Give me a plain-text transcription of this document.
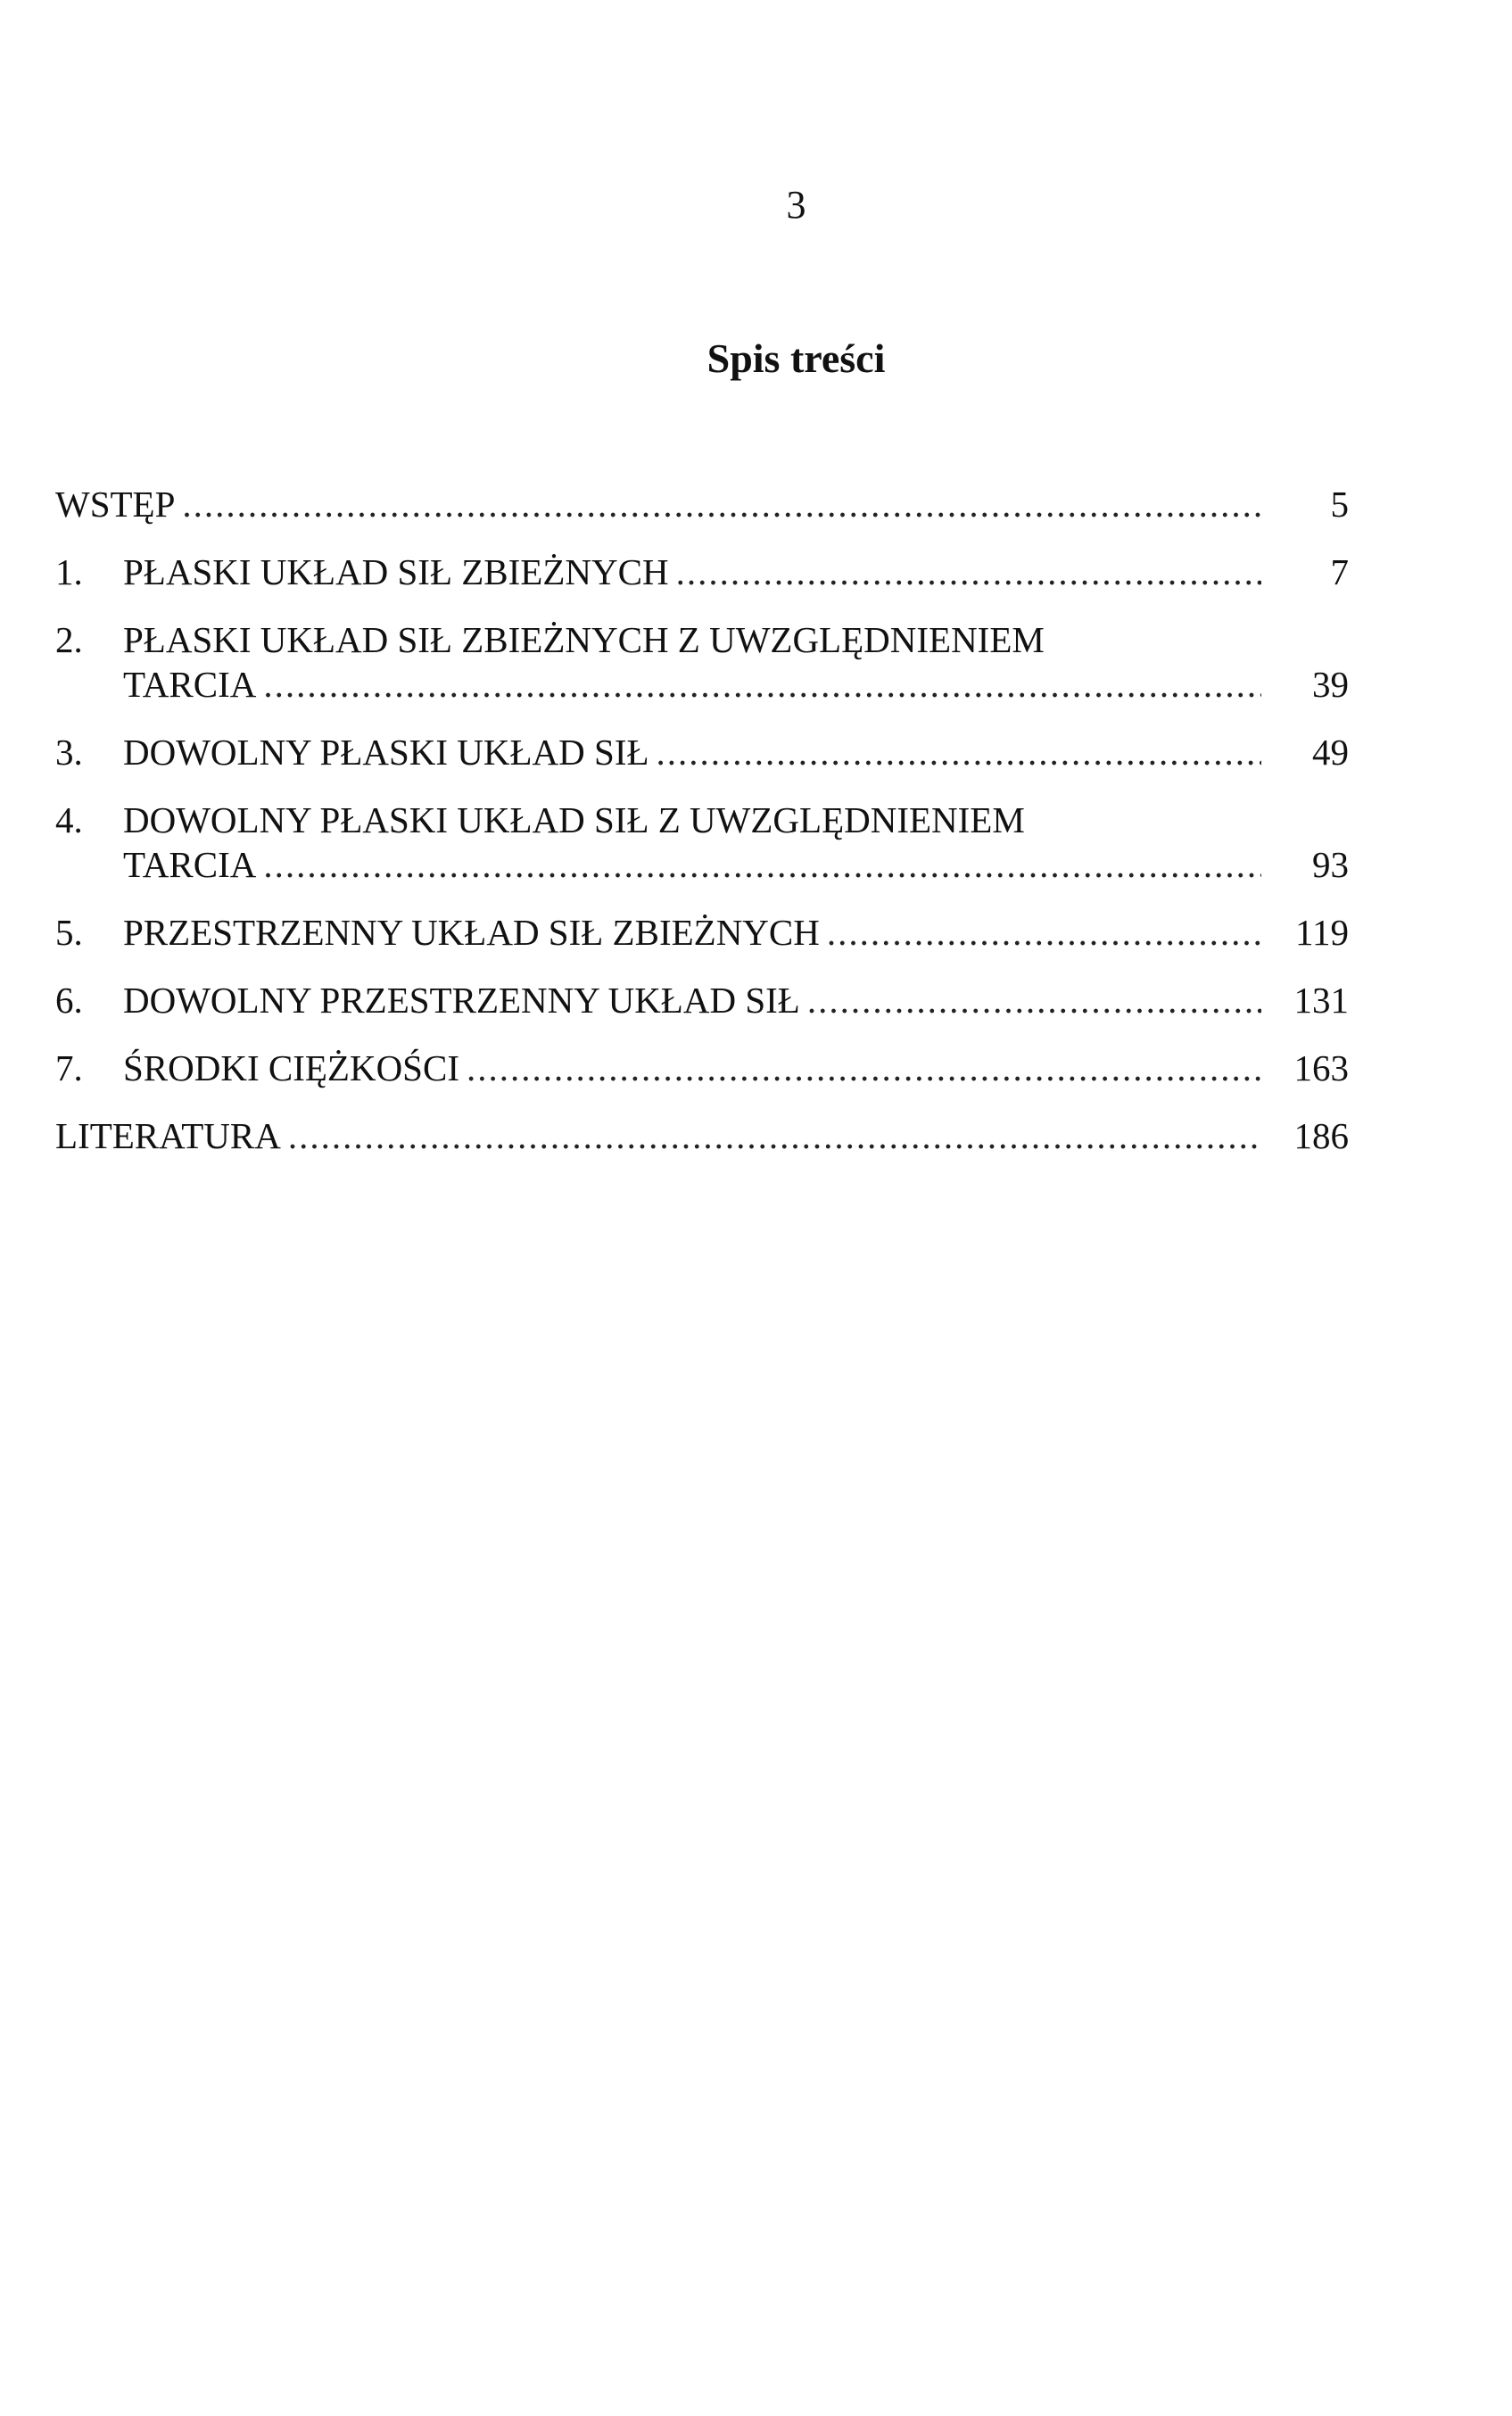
3
Spis treści
WSTĘP .....	5
1.	PŁASKI UKŁAD SIŁ ZBIEŻNYCH .....	7
2.	PŁASKI UKŁAD SIŁ ZBIEŻNYCH Z UWZGLĘDNIENIEM
TARCIA .....	39
3.	DOWOLNY PŁASKI UKŁAD SIŁ .....	49
4.	DOWOLNY PŁASKI UKŁAD SIŁ Z UWZGLĘDNIENIEM
TARCIA .....	93
5.	PRZESTRZENNY UKŁAD SIŁ ZBIEŻNYCH .....	119
6.	DOWOLNY PRZESTRZENNY UKŁAD SIŁ .....	131
7.	ŚRODKI CIĘŻKOŚCI .....	163
LITERATURA .....	186
